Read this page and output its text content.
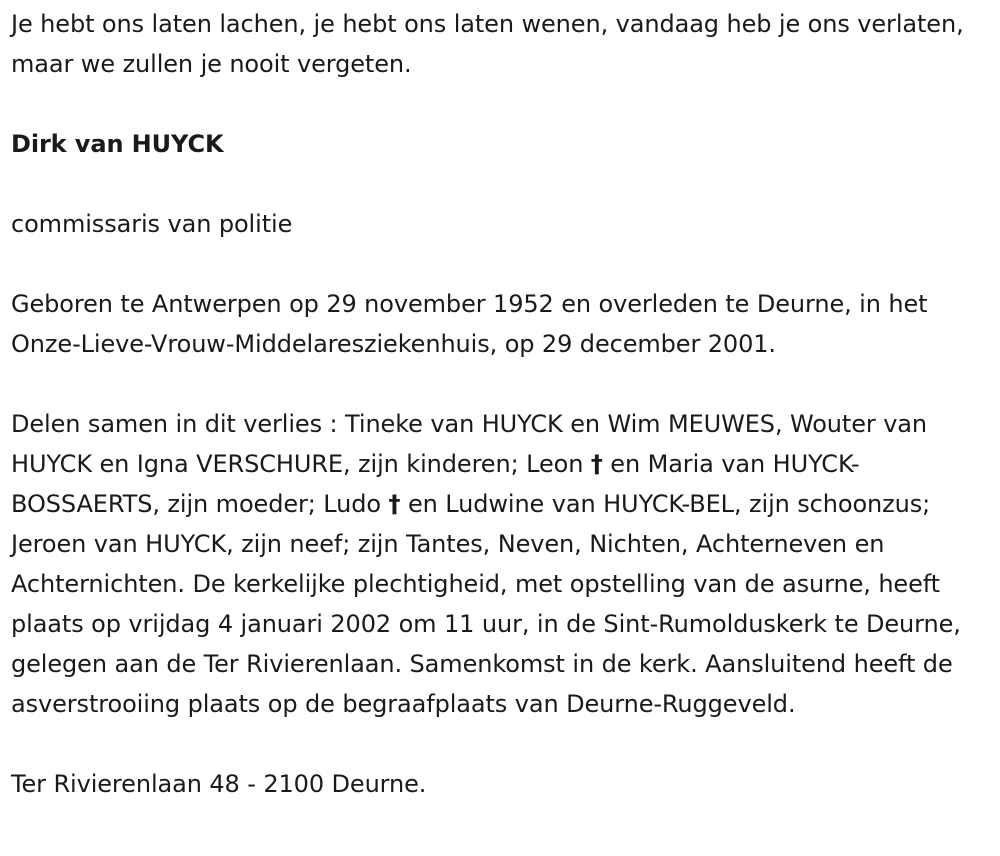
Je hebt ons laten lachen, je hebt ons laten wenen, vandaag heb je ons verlaten, maar we zullen je nooit vergeten.

Dirk van HUYCK

commissaris van politie

Geboren te Antwerpen op 29 november 1952 en overleden te Deurne, in het Onze-Lieve-Vrouw-Middelaresziekenhuis, op 29 december 2001.

Delen samen in dit verlies : Tineke van HUYCK en Wim MEUWES, Wouter van HUYCK en Igna VERSCHURE, zijn kinderen; Leon † en Maria van HUYCK-BOSSAERTS, zijn moeder; Ludo † en Ludwine van HUYCK-BEL, zijn schoonzus; Jeroen van HUYCK, zijn neef; zijn Tantes, Neven, Nichten, Achterneven en Achternichten. De kerkelijke plechtigheid, met opstelling van de asurne, heeft plaats op vrijdag 4 januari 2002 om 11 uur, in de Sint-Rumolduskerk te Deurne, gelegen aan de Ter Rivierenlaan. Samenkomst in de kerk. Aansluitend heeft de asverstrooiing plaats op de begraafplaats van Deurne-Ruggeveld.

Ter Rivierenlaan 48 - 2100 Deurne.
